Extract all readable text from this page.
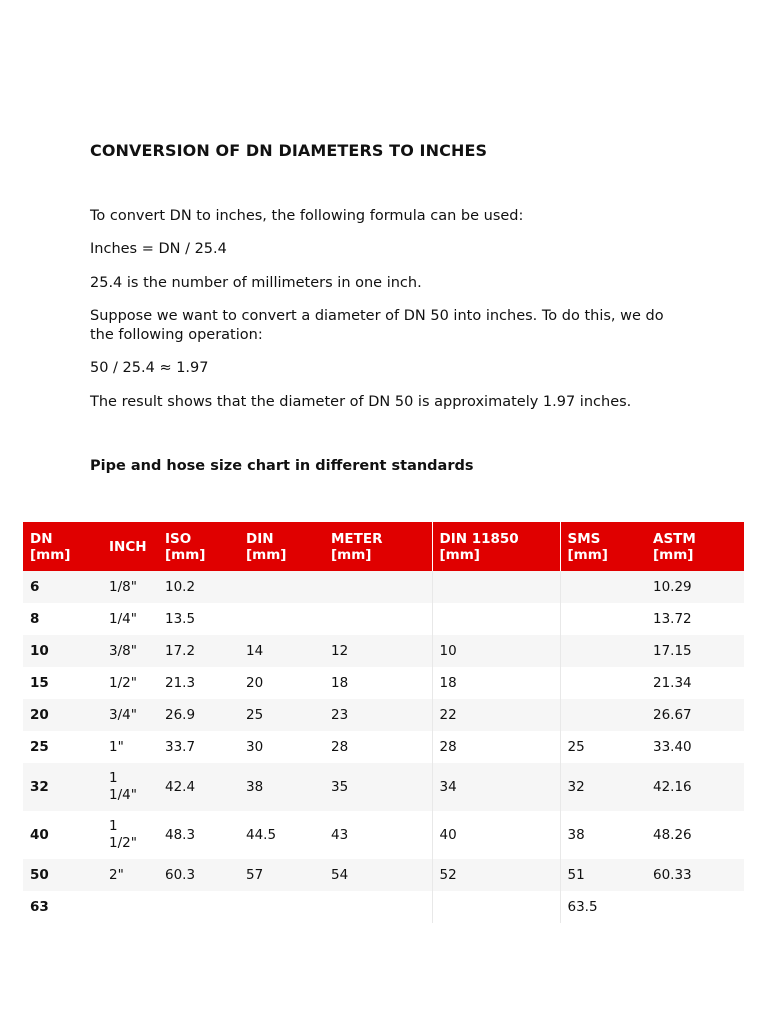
CONVERSION OF DN DIAMETERS TO INCHES

To convert DN to inches, the following formula can be used:

Inches = DN / 25.4

25.4 is the number of millimeters in one inch.

Suppose we want to convert a diameter of DN 50 into inches. To do this, we do the following operation:

50 / 25.4 ≈ 1.97

The result shows that the diameter of DN 50 is approximately 1.97 inches.

Pipe and hose size chart in different standards
DN
[mm]	INCH	ISO
[mm]	DIN
[mm]	METER
[mm]	DIN 11850
[mm]	SMS
[mm]	ASTM
[mm]
6	1/8"	10.2					10.29
8	1/4"	13.5					13.72
10	3/8"	17.2	14	12	10		17.15
15	1/2"	21.3	20	18	18		21.34
20	3/4"	26.9	25	23	22		26.67
25	1"	33.7	30	28	28	25	33.40
32	1
1/4"	42.4	38	35	34	32	42.16
40	1
1/2"	48.3	44.5	43	40	38	48.26
50	2"	60.3	57	54	52	51	60.33
63						63.5	
